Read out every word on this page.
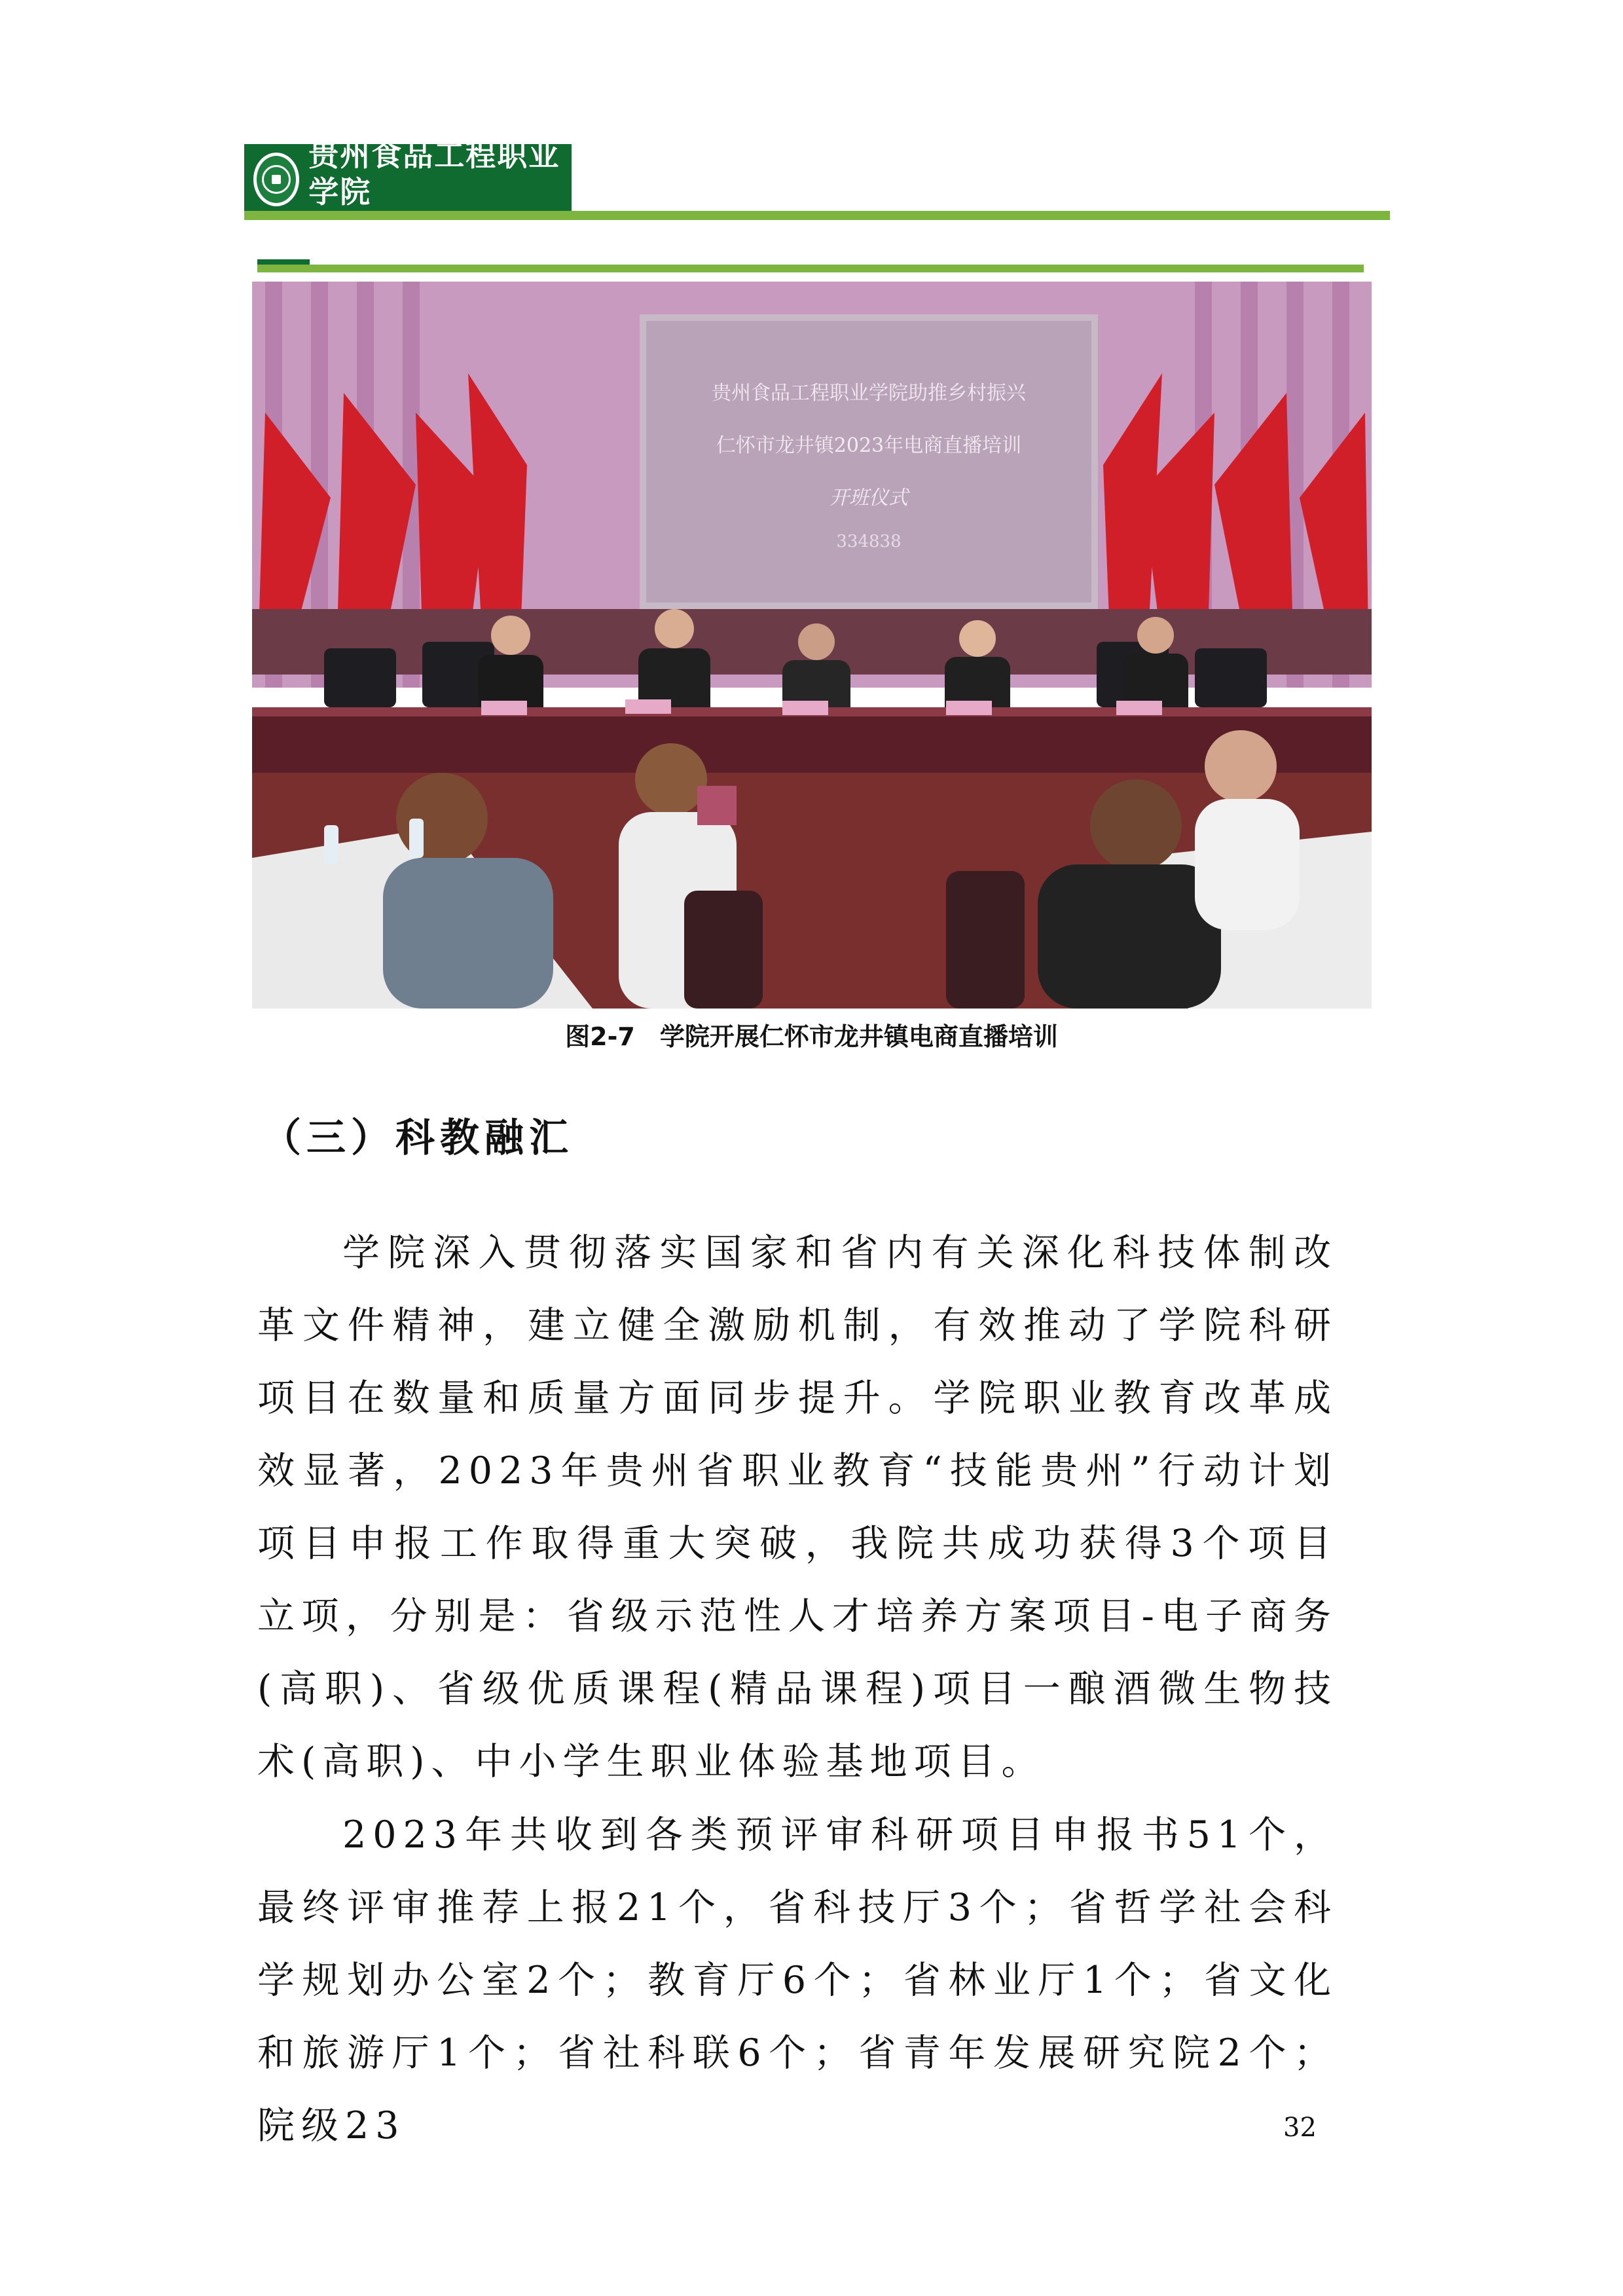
贵州食品工程职业学院
贵州食品工程职业学院助推乡村振兴
仁怀市龙井镇2023年电商直播培训
开班仪式
334838
图2-7　学院开展仁怀市龙井镇电商直播培训
（三）科教融汇

学院深入贯彻落实国家和省内有关深化科技体制改革文件精神，建立健全激励机制，有效推动了学院科研项目在数量和质量方面同步提升。学院职业教育改革成效显著，2023年贵州省职业教育“技能贵州”行动计划项目申报工作取得重大突破，我院共成功获得3个项目立项，分别是：省级示范性人才培养方案项目-电子商务(高职)、省级优质课程(精品课程)项目一酿酒微生物技术(高职)、中小学生职业体验基地项目。

2023年共收到各类预评审科研项目申报书51个，最终评审推荐上报21个，省科技厅3个；省哲学社会科学规划办公室2个；教育厅6个；省林业厅1个；省文化和旅游厅1个；省社科联6个；省青年发展研究院2个；院级23	32
